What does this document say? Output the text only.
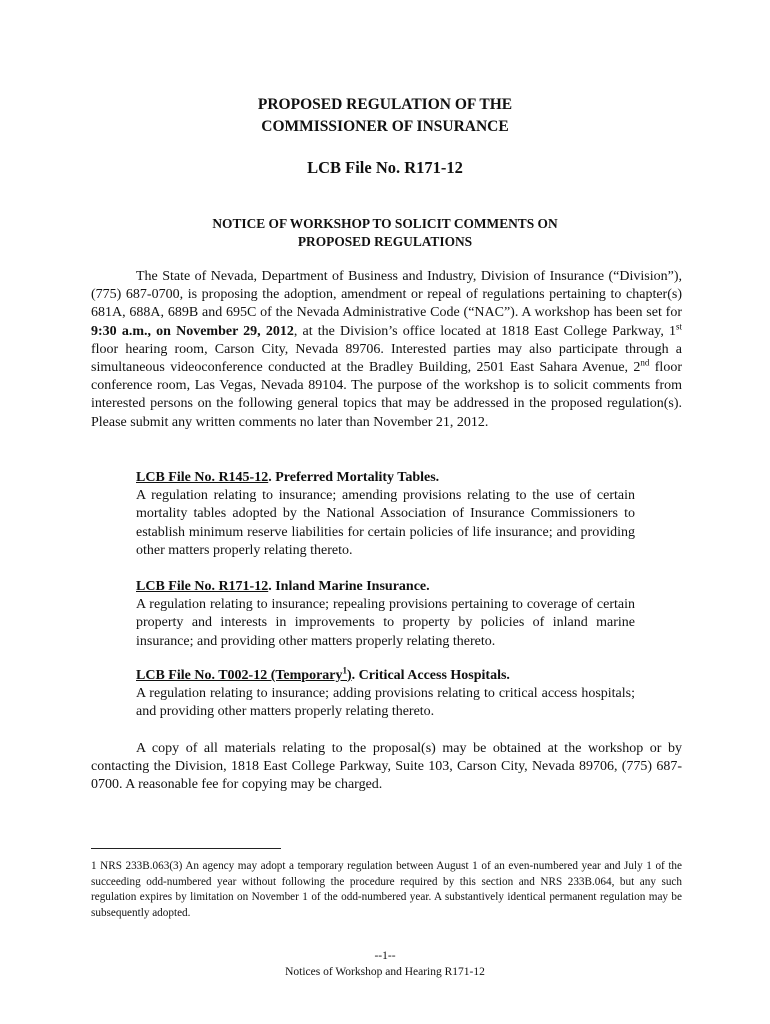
PROPOSED REGULATION OF THE
COMMISSIONER OF INSURANCE
LCB File No. R171-12
NOTICE OF WORKSHOP TO SOLICIT COMMENTS ON
PROPOSED REGULATIONS
The State of Nevada, Department of Business and Industry, Division of Insurance (“Division”), (775) 687-0700, is proposing the adoption, amendment or repeal of regulations pertaining to chapter(s) 681A, 688A, 689B and 695C of the Nevada Administrative Code (“NAC”). A workshop has been set for 9:30 a.m., on November 29, 2012, at the Division’s office located at 1818 East College Parkway, 1st floor hearing room, Carson City, Nevada 89706. Interested parties may also participate through a simultaneous videoconference conducted at the Bradley Building, 2501 East Sahara Avenue, 2nd floor conference room, Las Vegas, Nevada 89104. The purpose of the workshop is to solicit comments from interested persons on the following general topics that may be addressed in the proposed regulation(s). Please submit any written comments no later than November 21, 2012.
LCB File No. R145-12. Preferred Mortality Tables.
A regulation relating to insurance; amending provisions relating to the use of certain mortality tables adopted by the National Association of Insurance Commissioners to establish minimum reserve liabilities for certain policies of life insurance; and providing other matters properly relating thereto.
LCB File No. R171-12. Inland Marine Insurance.
A regulation relating to insurance; repealing provisions pertaining to coverage of certain property and interests in improvements to property by policies of inland marine insurance; and providing other matters properly relating thereto.
LCB File No. T002-12 (Temporary$^1$). Critical Access Hospitals.
A regulation relating to insurance; adding provisions relating to critical access hospitals; and providing other matters properly relating thereto.
A copy of all materials relating to the proposal(s) may be obtained at the workshop or by contacting the Division, 1818 East College Parkway, Suite 103, Carson City, Nevada 89706, (775) 687-0700. A reasonable fee for copying may be charged.
1 NRS 233B.063(3) An agency may adopt a temporary regulation between August 1 of an even-numbered year and July 1 of the succeeding odd-numbered year without following the procedure required by this section and NRS 233B.064, but any such regulation expires by limitation on November 1 of the odd-numbered year. A substantively identical permanent regulation may be subsequently adopted.
--1--
Notices of Workshop and Hearing R171-12
